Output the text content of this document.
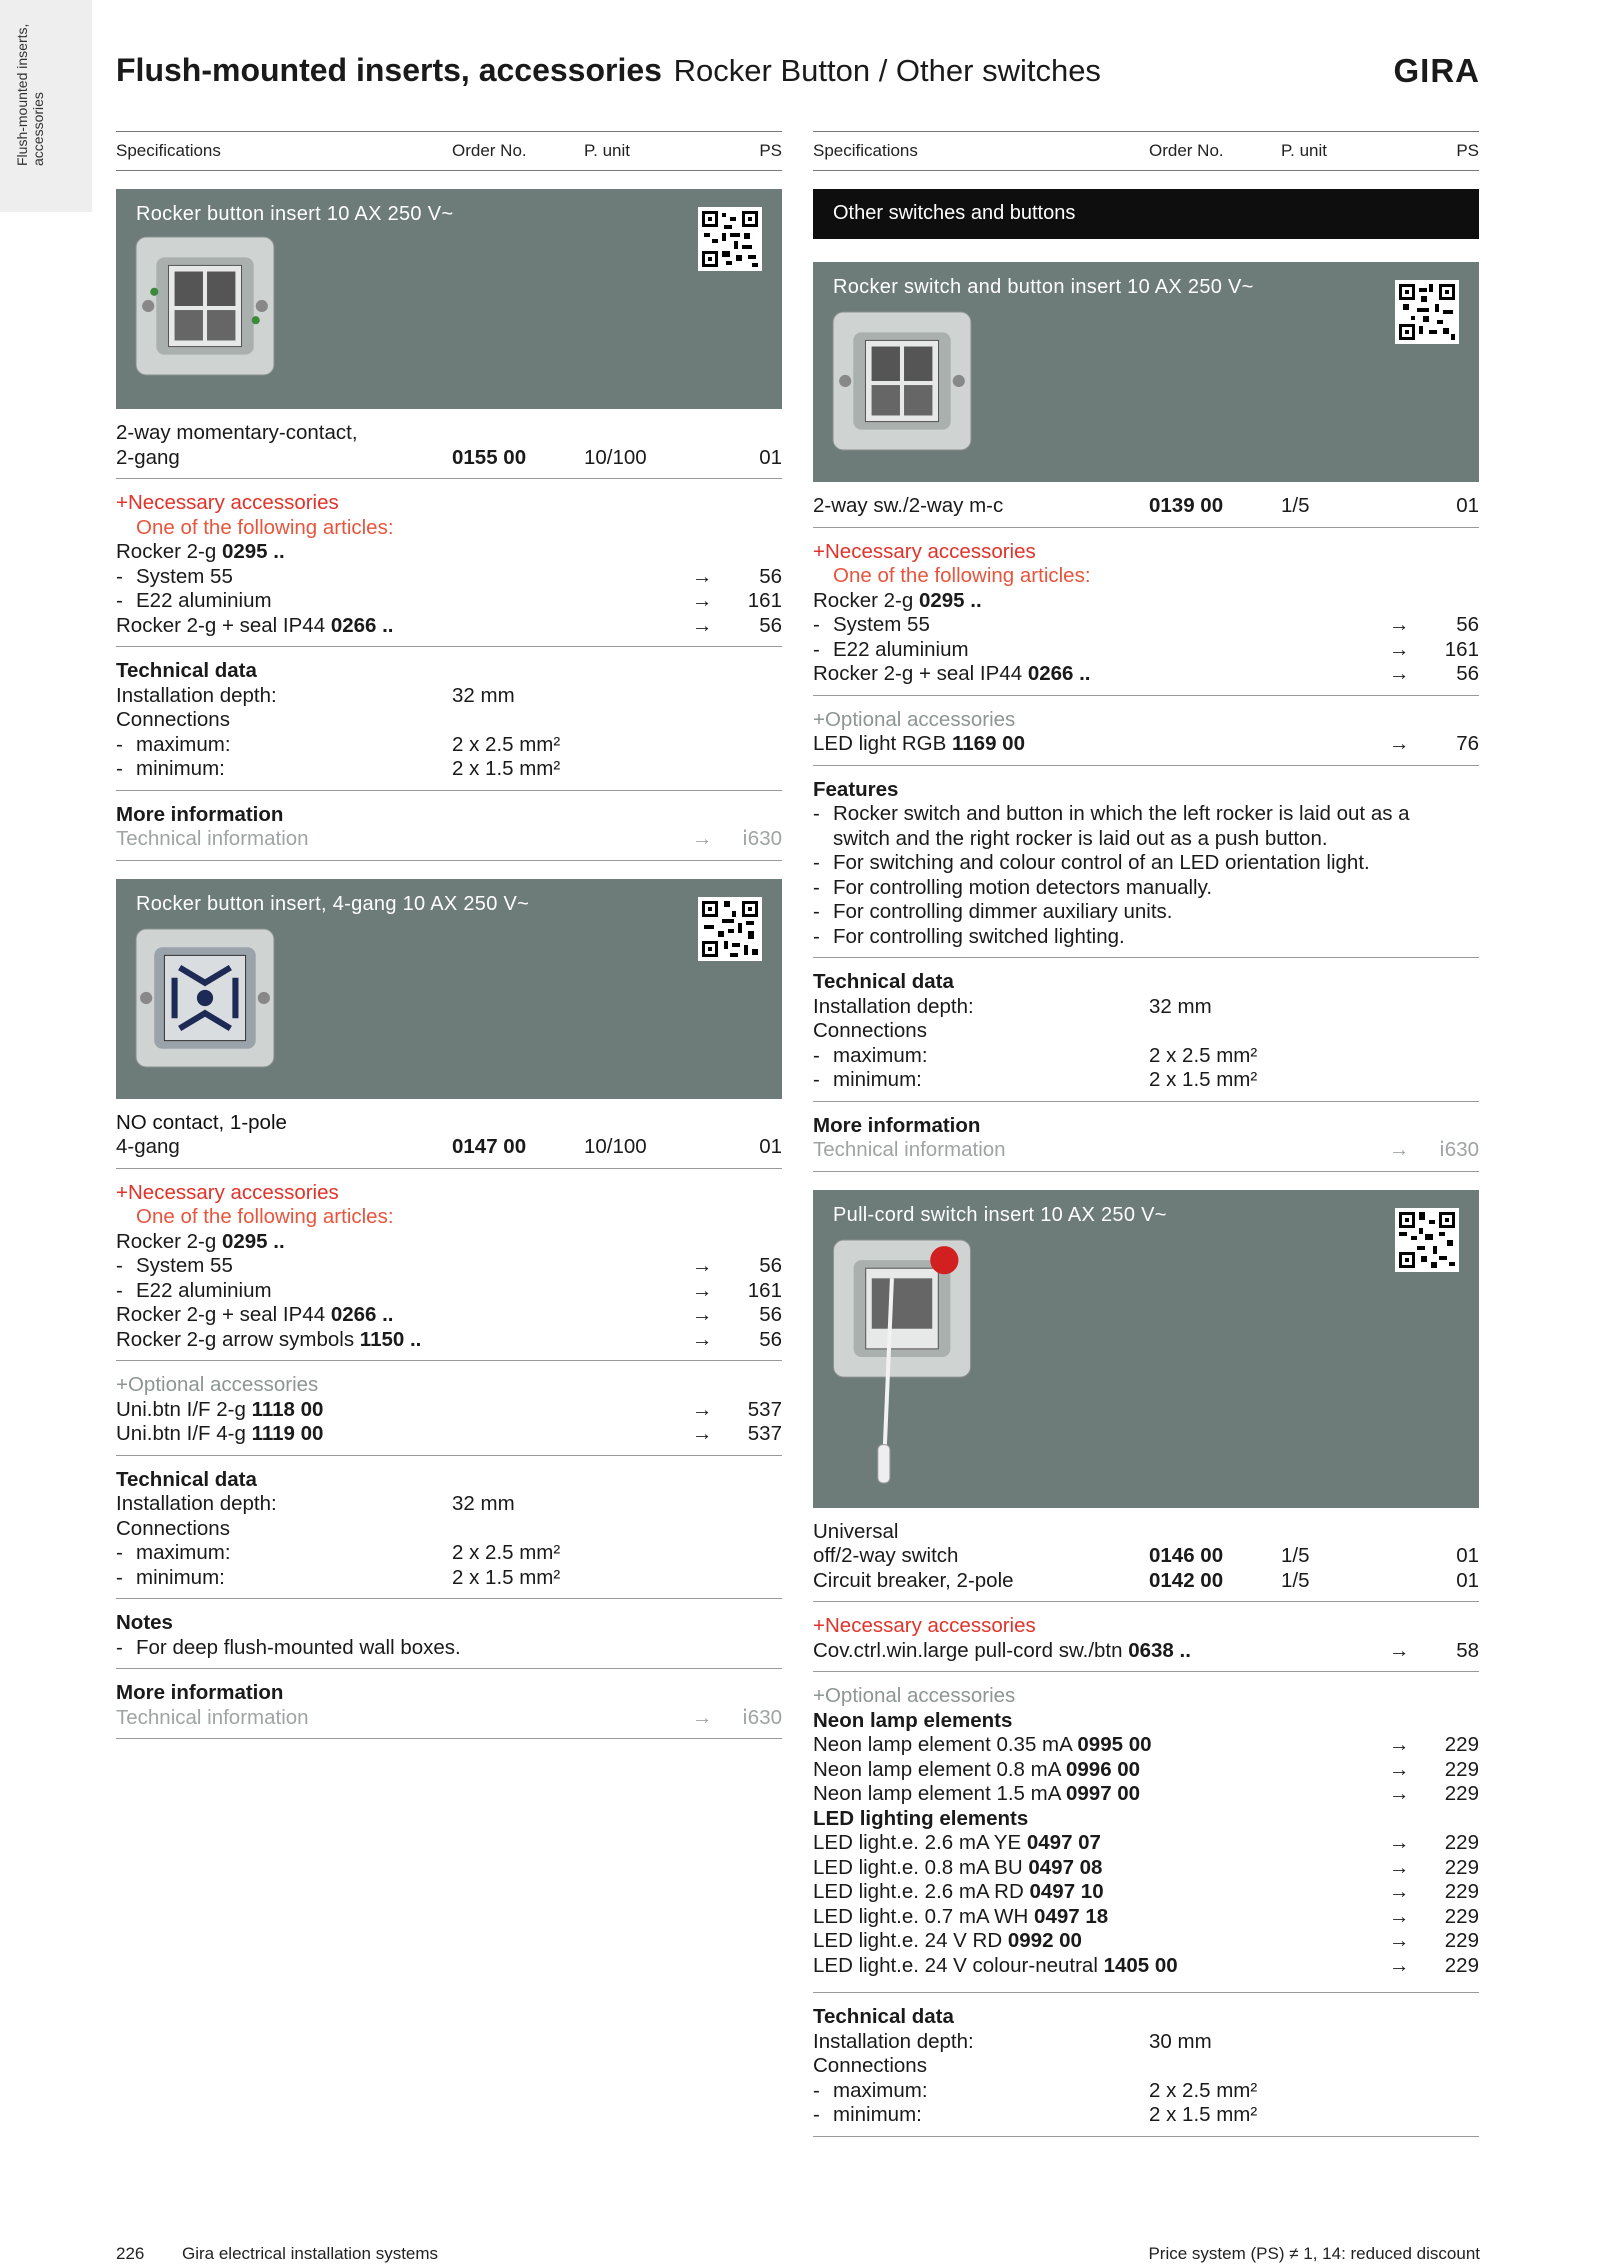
Flush-mounted inserts, accessories
Flush-mounted inserts, accessories Rocker Button / Other switches	GIRA
Specifications	Order No.	P. unit	PS
Rocker button insert 10 AX 250 V~
2-way momentary-contact,
2-gang	0155 00	10/100	01
+Necessary accessories
One of the following articles:
Rocker 2-g 0295 ..
- System 55	→ 56
- E22 aluminium	→ 161
Rocker 2-g + seal IP44 0266 ..	→ 56
Technical data
Installation depth:	32 mm
Connections
- maximum:	2 x 2.5 mm²
- minimum:	2 x 1.5 mm²
More information
Technical information	→ ⅰ630
Rocker button insert, 4-gang 10 AX 250 V~
NO contact, 1-pole
4-gang	0147 00	10/100	01
+Necessary accessories
One of the following articles:
Rocker 2-g 0295 ..
- System 55	→ 56
- E22 aluminium	→ 161
Rocker 2-g + seal IP44 0266 ..	→ 56
Rocker 2-g arrow symbols 1150 ..	→ 56
+Optional accessories
Uni.btn I/F 2-g 1118 00	→ 537
Uni.btn I/F 4-g 1119 00	→ 537
Technical data
Installation depth:	32 mm
Connections
- maximum:	2 x 2.5 mm²
- minimum:	2 x 1.5 mm²
Notes
- For deep flush-mounted wall boxes.
More information
Technical information	→ ⅰ630
Specifications	Order No.	P. unit	PS
Other switches and buttons
Rocker switch and button insert 10 AX 250 V~
2-way sw./2-way m-c	0139 00	1/5	01
+Necessary accessories
One of the following articles:
Rocker 2-g 0295 ..
- System 55	→ 56
- E22 aluminium	→ 161
Rocker 2-g + seal IP44 0266 ..	→ 56
+Optional accessories
LED light RGB 1169 00	→ 76
Features
- Rocker switch and button in which the left rocker is laid out as a
switch and the right rocker is laid out as a push button.
- For switching and colour control of an LED orientation light.
- For controlling motion detectors manually.
- For controlling dimmer auxiliary units.
- For controlling switched lighting.
Technical data
Installation depth:	32 mm
Connections
- maximum:	2 x 2.5 mm²
- minimum:	2 x 1.5 mm²
More information
Technical information	→ ⅰ630
Pull-cord switch insert 10 AX 250 V~
Universal
off/2-way switch	0146 00	1/5	01
Circuit breaker, 2-pole	0142 00	1/5	01
+Necessary accessories
Cov.ctrl.win.large pull-cord sw./btn 0638 ..	→ 58
+Optional accessories
Neon lamp elements
Neon lamp element 0.35 mA 0995 00	→ 229
Neon lamp element 0.8 mA 0996 00	→ 229
Neon lamp element 1.5 mA 0997 00	→ 229
LED lighting elements
LED light.e. 2.6 mA YE 0497 07	→ 229
LED light.e. 0.8 mA BU 0497 08	→ 229
LED light.e. 2.6 mA RD 0497 10	→ 229
LED light.e. 0.7 mA WH 0497 18	→ 229
LED light.e. 24 V RD 0992 00	→ 229
LED light.e. 24 V colour-neutral 1405 00	→ 229
Technical data
Installation depth:	30 mm
Connections
- maximum:	2 x 2.5 mm²
- minimum:	2 x 1.5 mm²
226 Gira electrical installation systems	Price system (PS) ≠ 1, 14: reduced discount
